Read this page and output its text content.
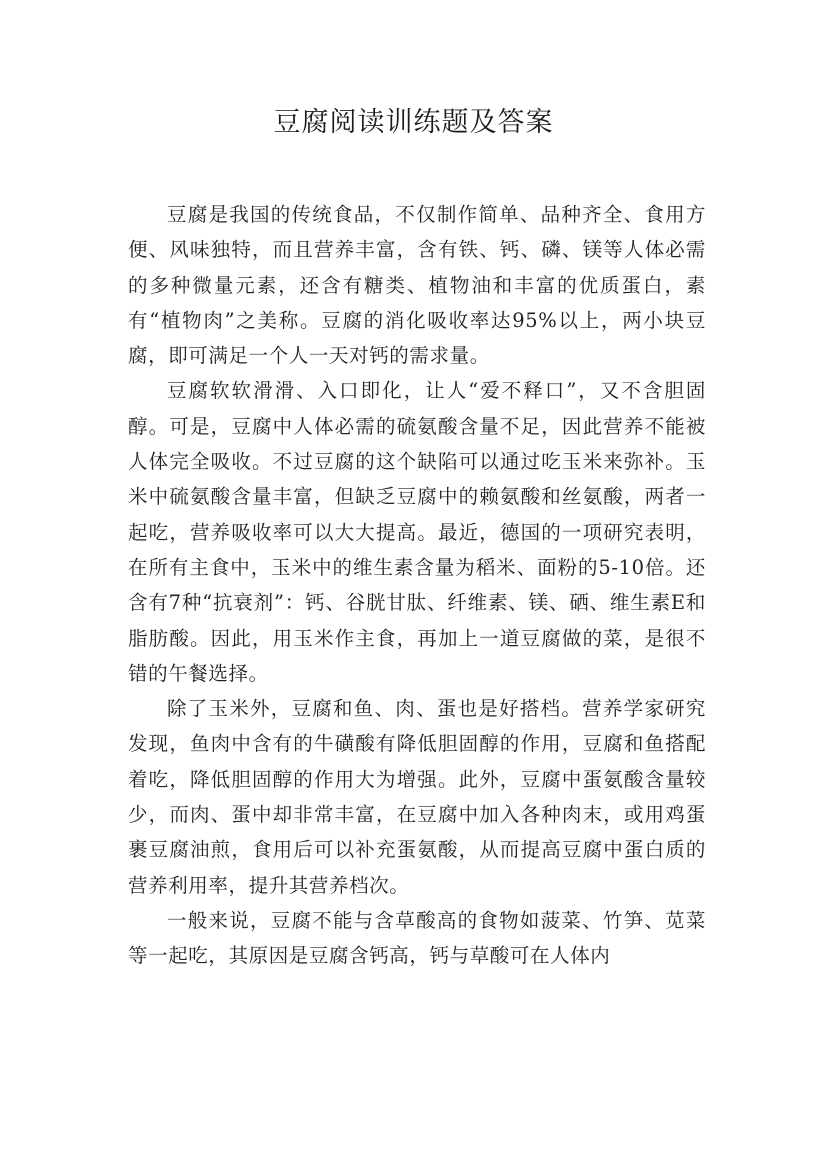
豆腐阅读训练题及答案

豆腐是我国的传统食品，不仅制作简单、品种齐全、食用方便、风味独特，而且营养丰富，含有铁、钙、磷、镁等人体必需的多种微量元素，还含有糖类、植物油和丰富的优质蛋白，素有“植物肉”之美称。豆腐的消化吸收率达95%以上，两小块豆腐，即可满足一个人一天对钙的需求量。

豆腐软软滑滑、入口即化，让人“爱不释口”，又不含胆固醇。可是，豆腐中人体必需的硫氨酸含量不足，因此营养不能被人体完全吸收。不过豆腐的这个缺陷可以通过吃玉米来弥补。玉米中硫氨酸含量丰富，但缺乏豆腐中的赖氨酸和丝氨酸，两者一起吃，营养吸收率可以大大提高。最近，德国的一项研究表明，在所有主食中，玉米中的维生素含量为稻米、面粉的5-10倍。还含有7种“抗衰剂”：钙、谷胱甘肽、纤维素、镁、硒、维生素E和脂肪酸。因此，用玉米作主食，再加上一道豆腐做的菜，是很不错的午餐选择。

除了玉米外，豆腐和鱼、肉、蛋也是好搭档。营养学家研究发现，鱼肉中含有的牛磺酸有降低胆固醇的作用，豆腐和鱼搭配着吃，降低胆固醇的作用大为增强。此外，豆腐中蛋氨酸含量较少，而肉、蛋中却非常丰富，在豆腐中加入各种肉末，或用鸡蛋裹豆腐油煎，食用后可以补充蛋氨酸，从而提高豆腐中蛋白质的营养利用率，提升其营养档次。

一般来说，豆腐不能与含草酸高的食物如菠菜、竹笋、苋菜等一起吃，其原因是豆腐含钙高，钙与草酸可在人体内
